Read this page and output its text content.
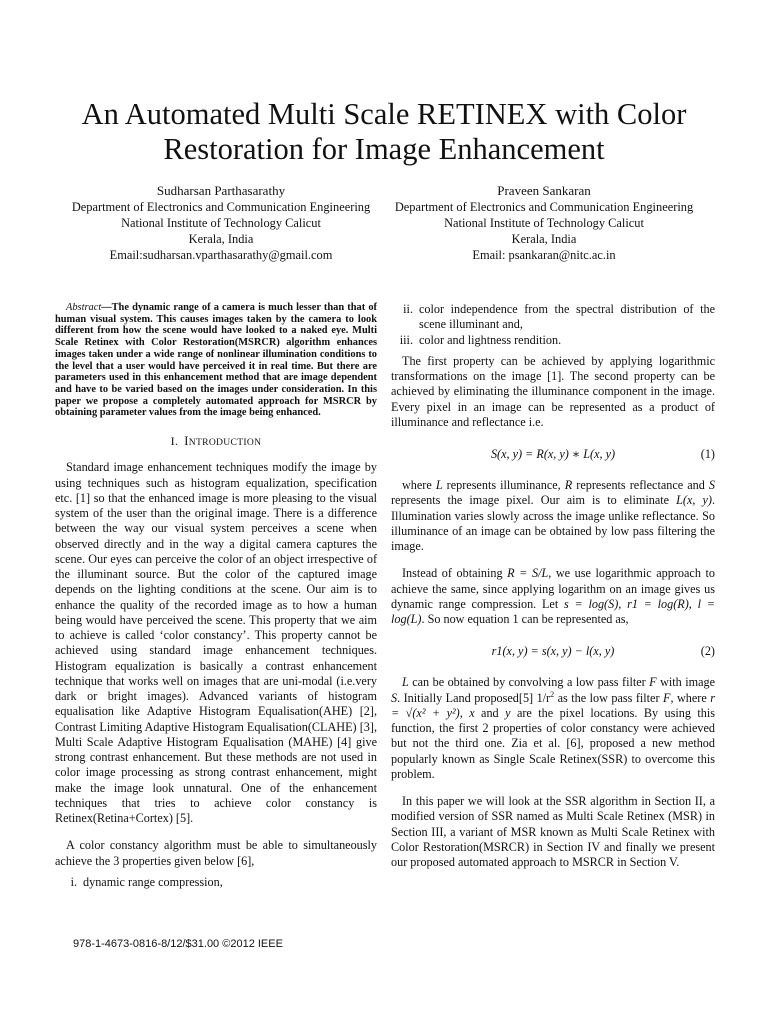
An Automated Multi Scale RETINEX with Color Restoration for Image Enhancement
Sudharsan Parthasarathy
Department of Electronics and Communication Engineering
National Institute of Technology Calicut
Kerala, India
Email:sudharsan.vparthasarathy@gmail.com
Praveen Sankaran
Department of Electronics and Communication Engineering
National Institute of Technology Calicut
Kerala, India
Email: psankaran@nitc.ac.in

Abstract—The dynamic range of a camera is much lesser than that of human visual system. This causes images taken by the camera to look different from how the scene would have looked to a naked eye. Multi Scale Retinex with Color Restoration(MSRCR) algorithm enhances images taken under a wide range of nonlinear illumination conditions to the level that a user would have perceived it in real time. But there are parameters used in this enhancement method that are image dependent and have to be varied based on the images under consideration. In this paper we propose a completely automated approach for MSRCR by obtaining parameter values from the image being enhanced.

I. INTRODUCTION

Standard image enhancement techniques modify the image by using techniques such as histogram equalization, specification etc. [1] so that the enhanced image is more pleasing to the visual system of the user than the original image. There is a difference between the way our visual system perceives a scene when observed directly and in the way a digital camera captures the scene. Our eyes can perceive the color of an object irrespective of the illuminant source. But the color of the captured image depends on the lighting conditions at the scene. Our aim is to enhance the quality of the recorded image as to how a human being would have perceived the scene. This property that we aim to achieve is called ‘color constancy’. This property cannot be achieved using standard image enhancement techniques. Histogram equalization is basically a contrast enhancement technique that works well on images that are uni-modal (i.e.very dark or bright images). Advanced variants of histogram equalisation like Adaptive Histogram Equalisation(AHE) [2], Contrast Limiting Adaptive Histogram Equalisation(CLAHE) [3], Multi Scale Adaptive Histogram Equalisation (MAHE) [4] give strong contrast enhancement. But these methods are not used in color image processing as strong contrast enhancement, might make the image look unnatural. One of the enhancement techniques that tries to achieve color constancy is Retinex(Retina+Cortex) [5].

A color constancy algorithm must be able to simultaneously achieve the 3 properties given below [6],

i. dynamic range compression,
ii. color independence from the spectral distribution of the scene illuminant and,
iii. color and lightness rendition.

The first property can be achieved by applying logarithmic transformations on the image [1]. The second property can be achieved by eliminating the illuminance component in the image. Every pixel in an image can be represented as a product of illuminance and reflectance i.e.

S(x, y) = R(x, y) ∗ L(x, y)	(1)

where L represents illuminance, R represents reflectance and S represents the image pixel. Our aim is to eliminate L(x, y). Illumination varies slowly across the image unlike reflectance. So illuminance of an image can be obtained by low pass filtering the image.

Instead of obtaining R = S/L, we use logarithmic approach to achieve the same, since applying logarithm on an image gives us dynamic range compression. Let s = log(S), r1 = log(R), l = log(L). So now equation 1 can be represented as,

r1(x, y) = s(x, y) − l(x, y)	(2)

L can be obtained by convolving a low pass filter F with image S. Initially Land proposed[5] $1/r^2$ as the low pass filter F, where r = √(x² + y²), x and y are the pixel locations. By using this function, the first 2 properties of color constancy were achieved but not the third one. Zia et al. [6], proposed a new method popularly known as Single Scale Retinex(SSR) to overcome this problem.

In this paper we will look at the SSR algorithm in Section II, a modified version of SSR named as Multi Scale Retinex (MSR) in Section III, a variant of MSR known as Multi Scale Retinex with Color Restoration(MSRCR) in Section IV and finally we present our proposed automated approach to MSRCR in Section V.

978-1-4673-0816-8/12/$31.00 ©2012 IEEE
